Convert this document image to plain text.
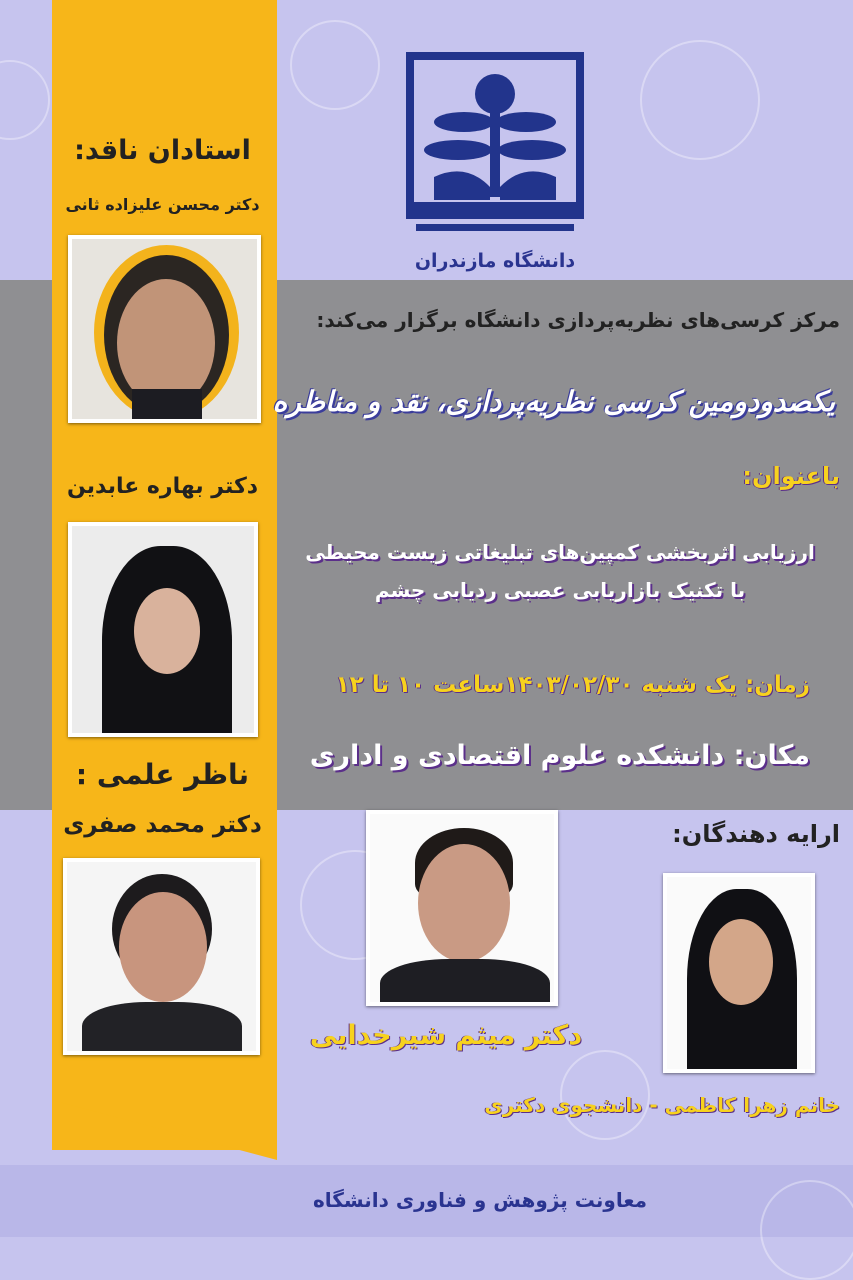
دانشگاه مازندران
استادان ناقد:
دکتر محسن علیزاده ثانی
دکتر بهاره عابدین
ناظر علمی :
دکتر محمد صفری
مرکز کرسی‌های نظریه‌پردازی دانشگاه برگزار می‌کند:
یکصدودومین کرسی نظریه‌پردازی، نقد و مناظره
باعنوان:
ارزیابی اثربخشی کمپین‌های تبلیغاتی زیست محیطی
با تکنیک بازاریابی عصبی ردیابی چشم
زمان: یک شنبه ۱۴۰۳/۰۲/۳۰ساعت ۱۰ تا ۱۲
مکان: دانشکده علوم اقتصادی و اداری
ارایه دهندگان:
دکتر میثم شیرخدایی
خانم زهرا کاظمی - دانشجوی دکتری
معاونت پژوهش و فناوری دانشگاه
